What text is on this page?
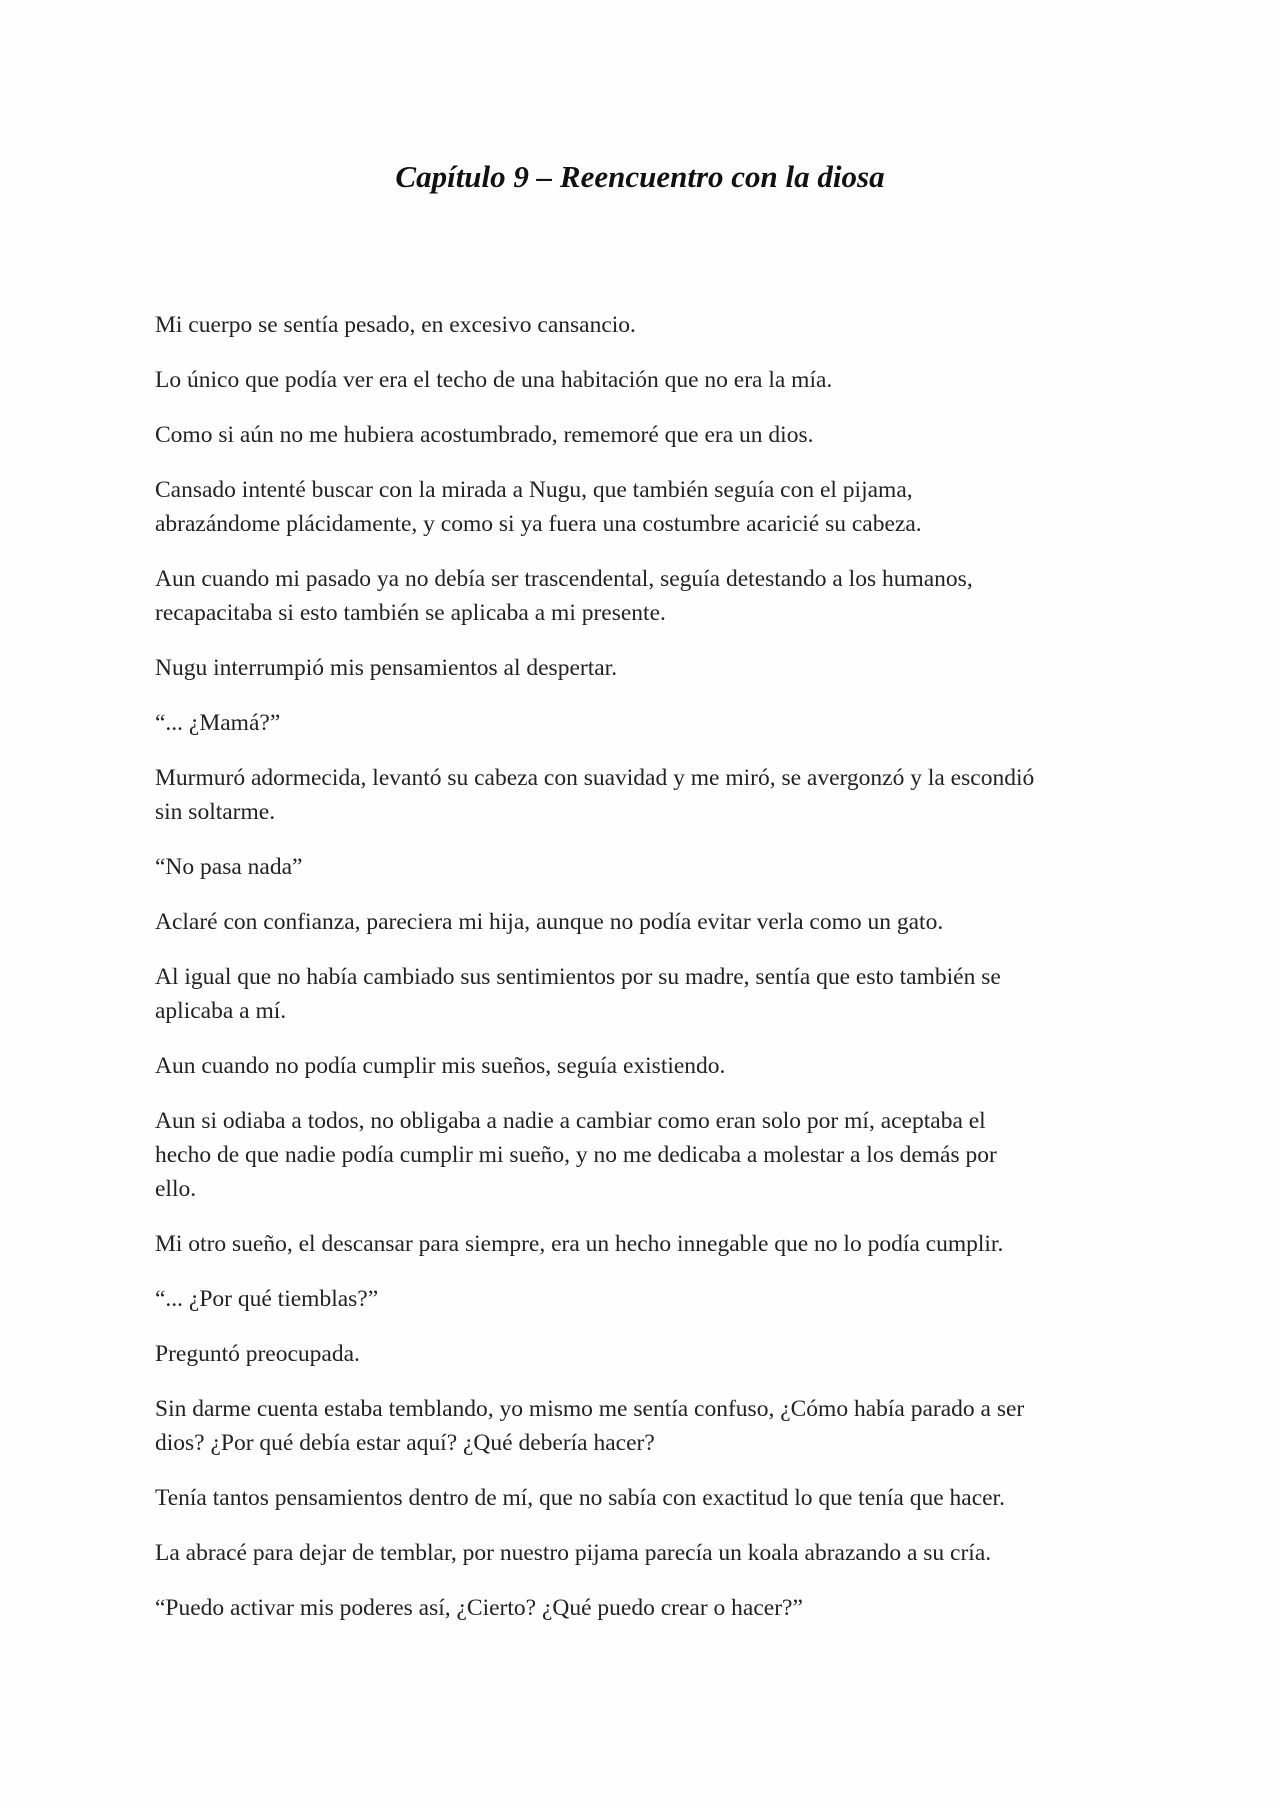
Capítulo 9 – Reencuentro con la diosa

Mi cuerpo se sentía pesado, en excesivo cansancio.

Lo único que podía ver era el techo de una habitación que no era la mía.

Como si aún no me hubiera acostumbrado, rememoré que era un dios.

Cansado intenté buscar con la mirada a Nugu, que también seguía con el pijama,
abrazándome plácidamente, y como si ya fuera una costumbre acaricié su cabeza.

Aun cuando mi pasado ya no debía ser trascendental, seguía detestando a los humanos,
recapacitaba si esto también se aplicaba a mi presente.

Nugu interrumpió mis pensamientos al despertar.

“... ¿Mamá?”

Murmuró adormecida, levantó su cabeza con suavidad y me miró, se avergonzó y la escondió
sin soltarme.

“No pasa nada”

Aclaré con confianza, pareciera mi hija, aunque no podía evitar verla como un gato.

Al igual que no había cambiado sus sentimientos por su madre, sentía que esto también se
aplicaba a mí.

Aun cuando no podía cumplir mis sueños, seguía existiendo.

Aun si odiaba a todos, no obligaba a nadie a cambiar como eran solo por mí, aceptaba el
hecho de que nadie podía cumplir mi sueño, y no me dedicaba a molestar a los demás por
ello.

Mi otro sueño, el descansar para siempre, era un hecho innegable que no lo podía cumplir.

“... ¿Por qué tiemblas?”

Preguntó preocupada.

Sin darme cuenta estaba temblando, yo mismo me sentía confuso, ¿Cómo había parado a ser
dios? ¿Por qué debía estar aquí? ¿Qué debería hacer?

Tenía tantos pensamientos dentro de mí, que no sabía con exactitud lo que tenía que hacer.

La abracé para dejar de temblar, por nuestro pijama parecía un koala abrazando a su cría.

“Puedo activar mis poderes así, ¿Cierto? ¿Qué puedo crear o hacer?”
